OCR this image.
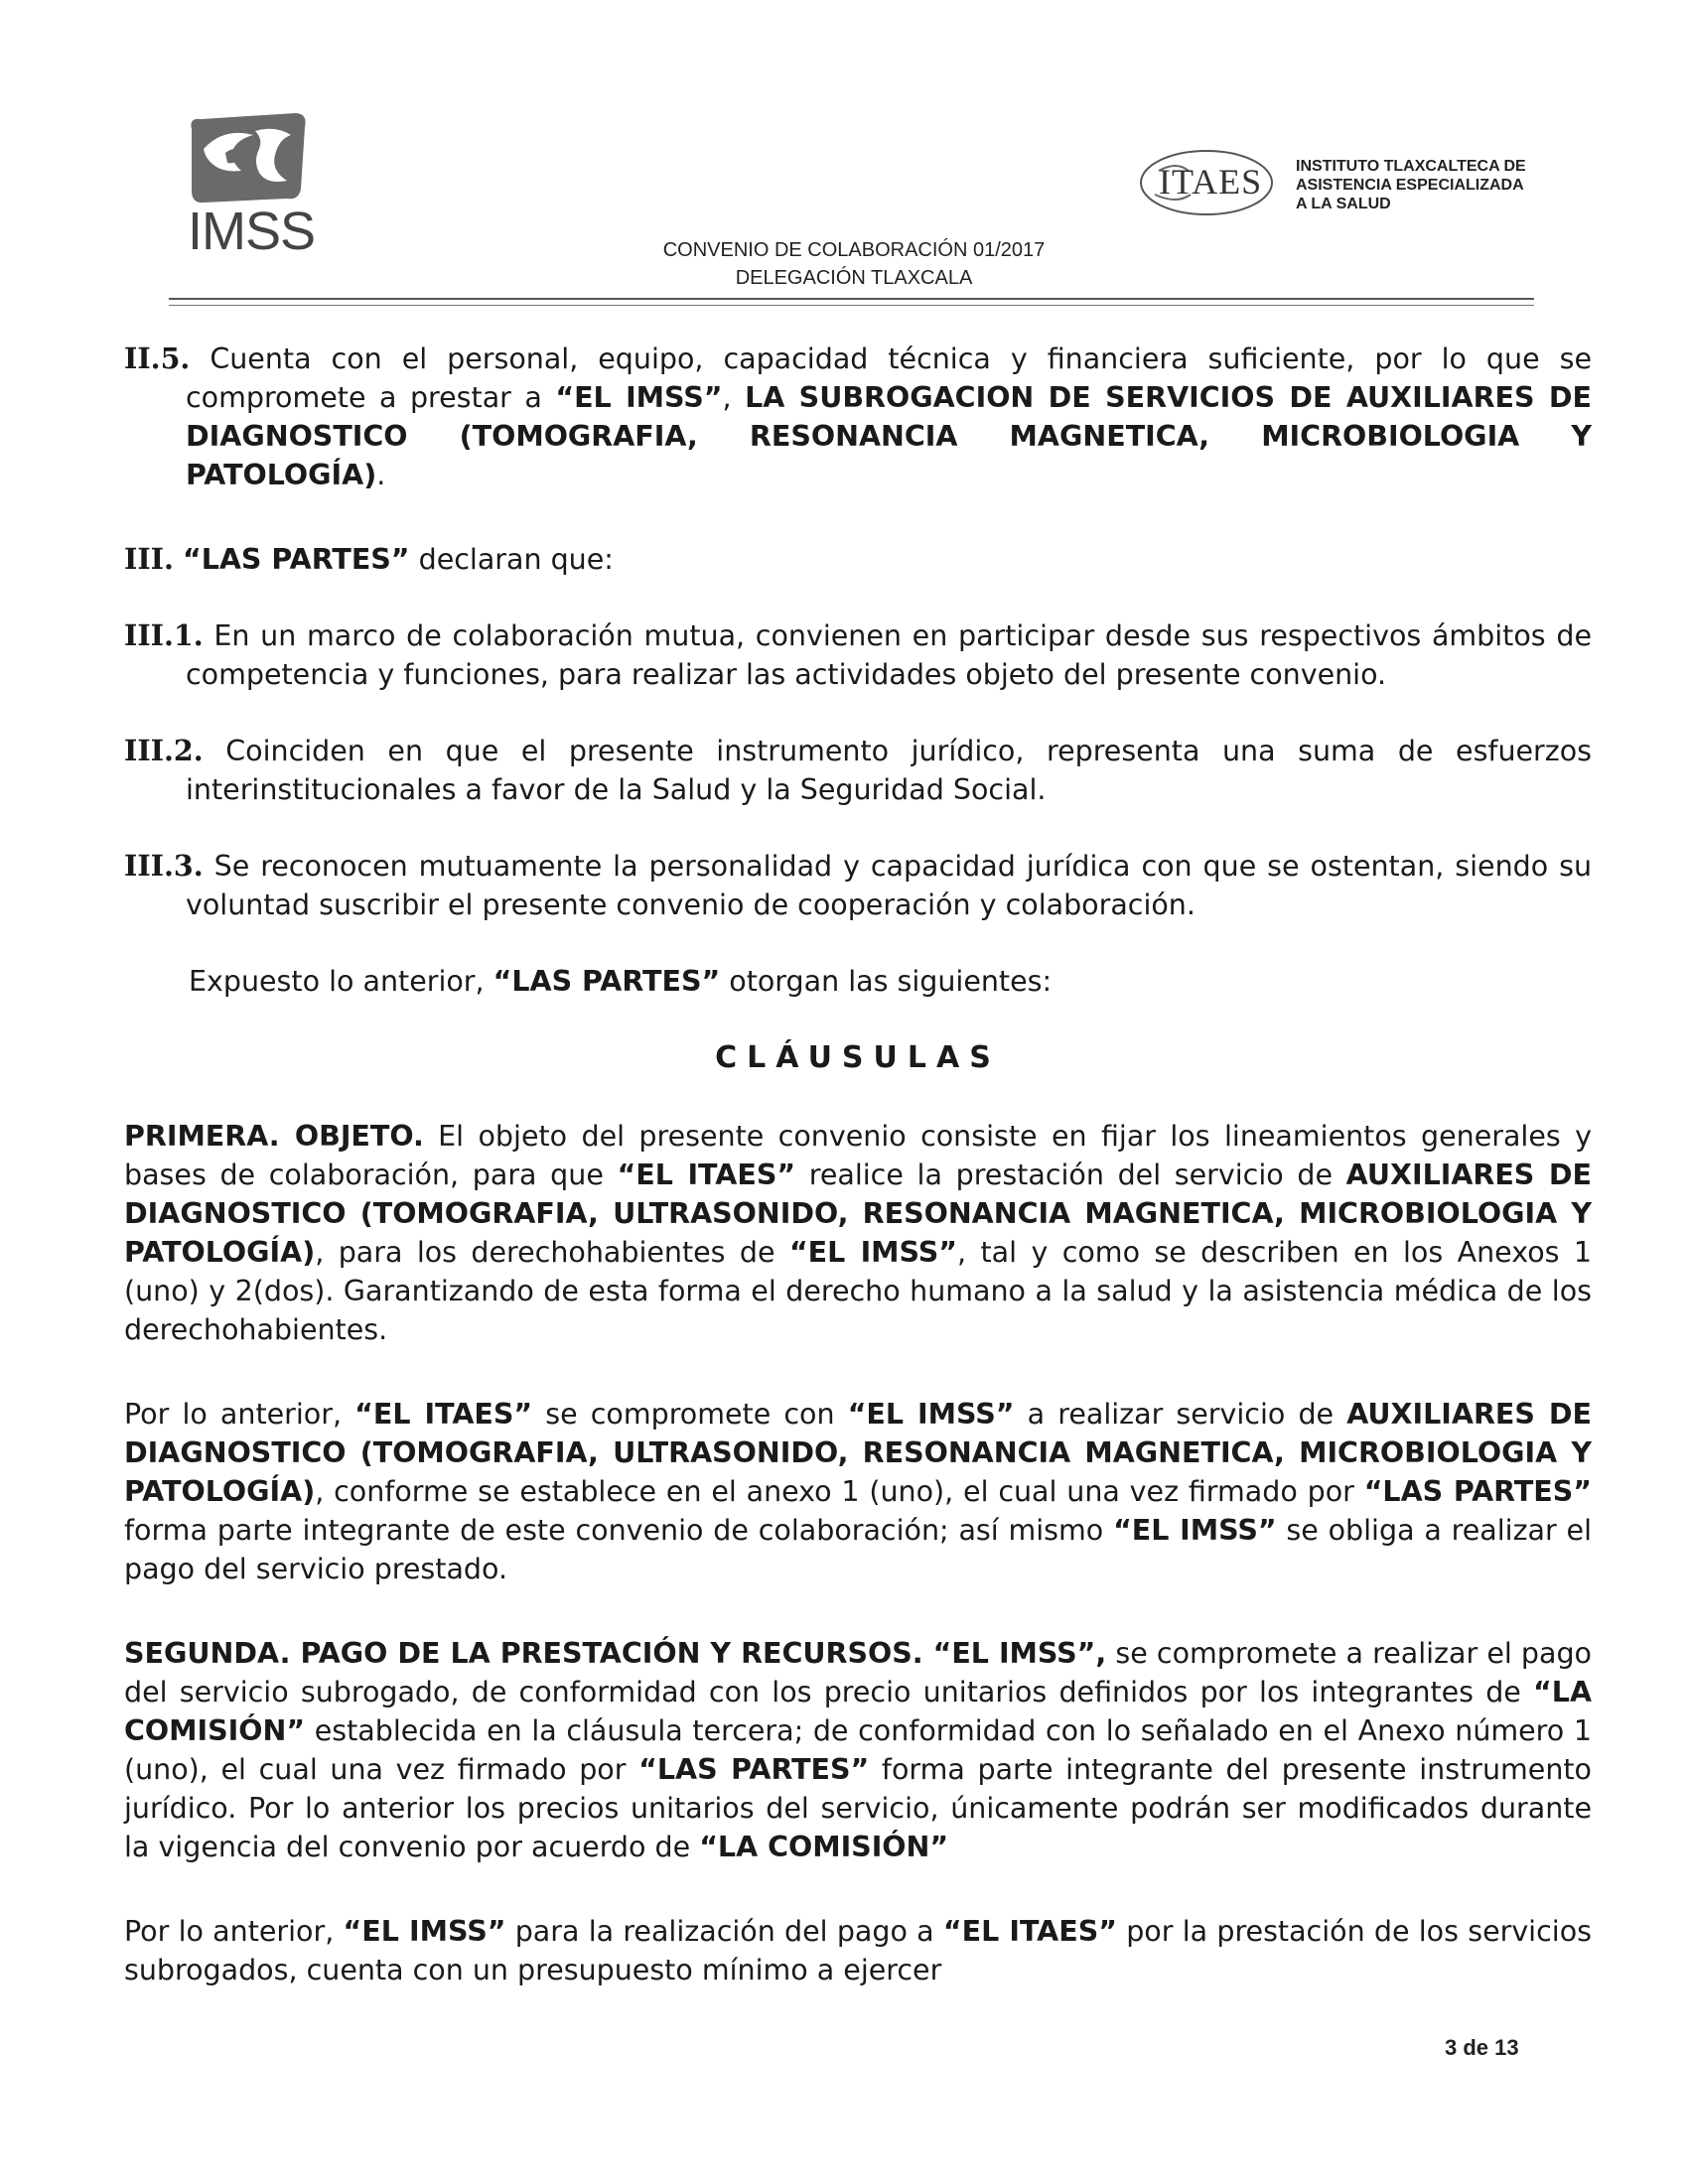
IMSS
ITAES INSTITUTO TLAXCALTECA DE
ASISTENCIA ESPECIALIZADA
A LA SALUD
CONVENIO DE COLABORACIÓN 01/2017
DELEGACIÓN TLAXCALA

II.5. Cuenta con el personal, equipo, capacidad técnica y financiera suficiente, por lo que se compromete a prestar a “EL IMSS”, LA SUBROGACION DE SERVICIOS DE AUXILIARES DE DIAGNOSTICO (TOMOGRAFIA, RESONANCIA MAGNETICA, MICROBIOLOGIA Y PATOLOGÍA).

III. “LAS PARTES” declaran que:

III.1. En un marco de colaboración mutua, convienen en participar desde sus respectivos ámbitos de competencia y funciones, para realizar las actividades objeto del presente convenio.

III.2. Coinciden en que el presente instrumento jurídico, representa una suma de esfuerzos interinstitucionales a favor de la Salud y la Seguridad Social.

III.3. Se reconocen mutuamente la personalidad y capacidad jurídica con que se ostentan, siendo su voluntad suscribir el presente convenio de cooperación y colaboración.

Expuesto lo anterior, “LAS PARTES” otorgan las siguientes:

CLÁUSULAS

PRIMERA. OBJETO. El objeto del presente convenio consiste en fijar los lineamientos generales y bases de colaboración, para que “EL ITAES” realice la prestación del servicio de AUXILIARES DE DIAGNOSTICO (TOMOGRAFIA, ULTRASONIDO, RESONANCIA MAGNETICA, MICROBIOLOGIA Y PATOLOGÍA), para los derechohabientes de “EL IMSS”, tal y como se describen en los Anexos 1 (uno) y 2(dos). Garantizando de esta forma el derecho humano a la salud y la asistencia médica de los derechohabientes.

Por lo anterior, “EL ITAES” se compromete con “EL IMSS” a realizar servicio de AUXILIARES DE DIAGNOSTICO (TOMOGRAFIA, ULTRASONIDO, RESONANCIA MAGNETICA, MICROBIOLOGIA Y PATOLOGÍA), conforme se establece en el anexo 1 (uno), el cual una vez firmado por “LAS PARTES” forma parte integrante de este convenio de colaboración; así mismo “EL IMSS” se obliga a realizar el pago del servicio prestado.

SEGUNDA. PAGO DE LA PRESTACIÓN Y RECURSOS. “EL IMSS”, se compromete a realizar el pago del servicio subrogado, de conformidad con los precio unitarios definidos por los integrantes de “LA COMISIÓN” establecida en la cláusula tercera; de conformidad con lo señalado en el Anexo número 1 (uno), el cual una vez firmado por “LAS PARTES” forma parte integrante del presente instrumento jurídico. Por lo anterior los precios unitarios del servicio, únicamente podrán ser modificados durante la vigencia del convenio por acuerdo de “LA COMISIÓN”

Por lo anterior, “EL IMSS” para la realización del pago a “EL ITAES” por la prestación de los servicios subrogados, cuenta con un presupuesto mínimo a ejercer

3 de 13
